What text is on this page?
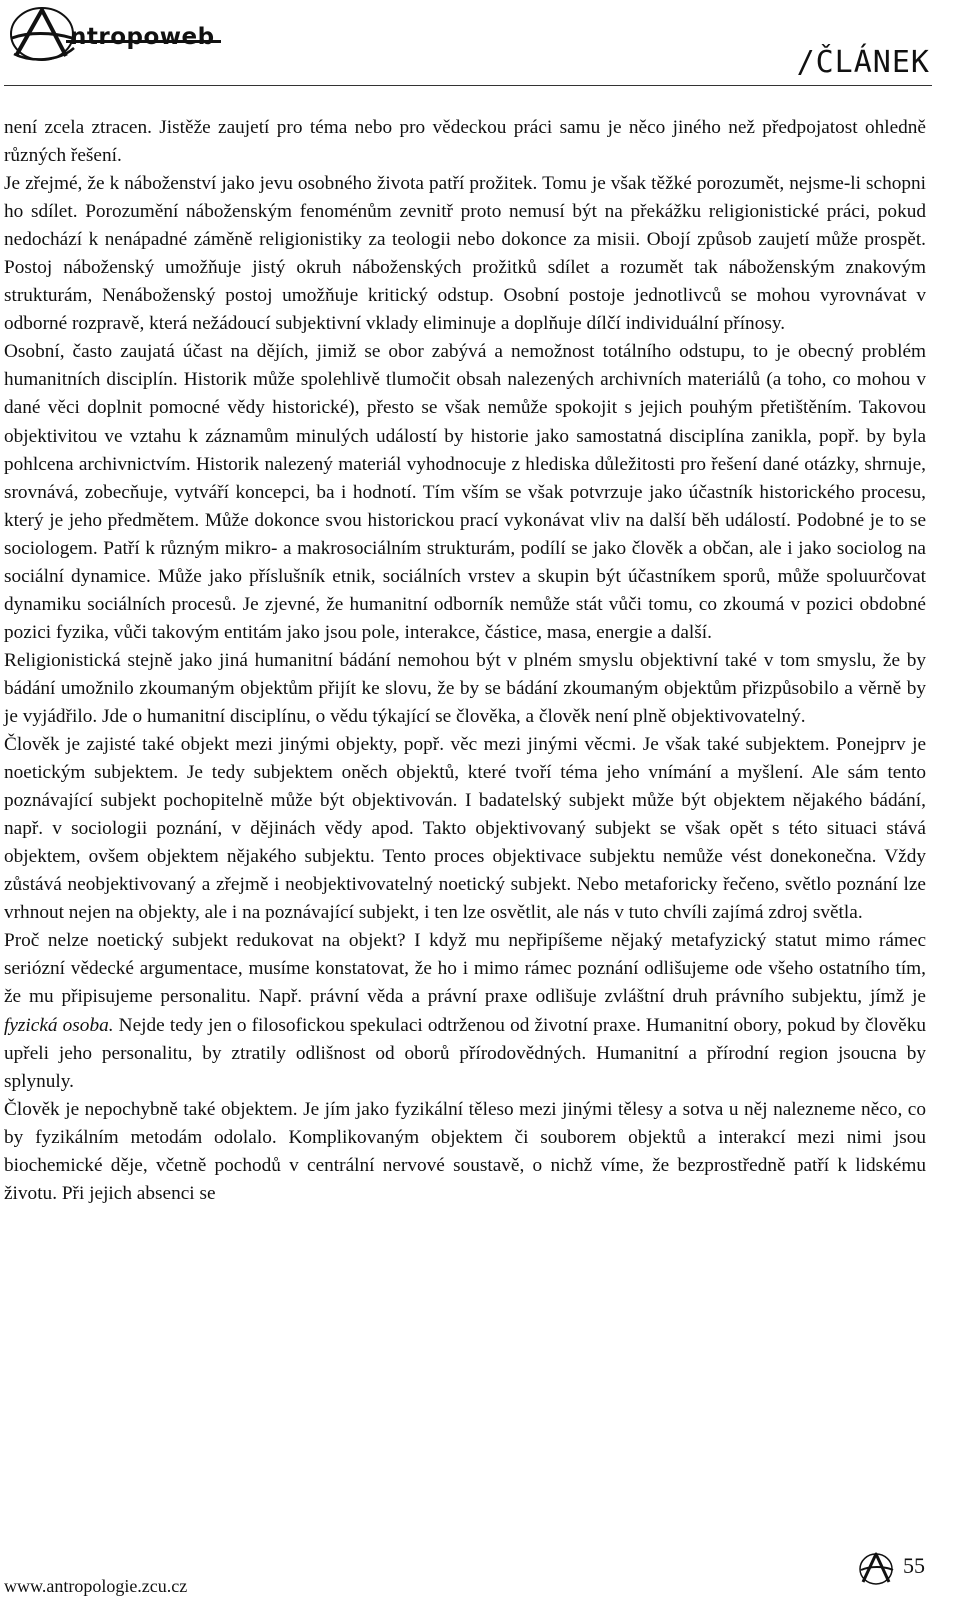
ntropoweb
/ČLÁNEK

není zcela ztracen. Jistěže zaujetí pro téma nebo pro vědeckou práci samu je něco jiného než předpojatost ohledně různých řešení.

Je zřejmé, že k náboženství jako jevu osobného života patří prožitek. Tomu je však těžké porozumět, nejsme-li schopni ho sdílet. Porozumění náboženským fenoménům zevnitř proto nemusí být na překážku religionistické práci, pokud nedochází k nenápadné záměně religionistiky za teologii nebo dokonce za misii. Obojí způsob zaujetí může prospět. Postoj náboženský umožňuje jistý okruh náboženských prožitků sdílet a rozumět tak náboženským znakovým strukturám, Nenáboženský postoj umožňuje kritický odstup. Osobní postoje jednotlivců se mohou vyrovnávat v odborné rozpravě, která nežádoucí subjektivní vklady eliminuje a doplňuje dílčí individuální přínosy.

Osobní, často zaujatá účast na dějích, jimiž se obor zabývá a nemožnost totálního odstupu, to je obecný problém humanitních disciplín. Historik může spolehlivě tlumočit obsah nalezených archivních materiálů (a toho, co mohou v dané věci doplnit pomocné vědy historické), přesto se však nemůže spokojit s jejich pouhým přetištěním. Takovou objektivitou ve vztahu k záznamům minulých událostí by historie jako samostatná disciplína zanikla, popř. by byla pohlcena archivnictvím. Historik nalezený materiál vyhodnocuje z hlediska důležitosti pro řešení dané otázky, shrnuje, srovnává, zobecňuje, vytváří koncepci, ba i hodnotí. Tím vším se však potvrzuje jako účastník historického procesu, který je jeho předmětem. Může dokonce svou historickou prací vykonávat vliv na další běh událostí. Podobné je to se sociologem. Patří k různým mikro- a makrosociálním strukturám, podílí se jako člověk a občan, ale i jako sociolog na sociální dynamice. Může jako příslušník etnik, sociálních vrstev a skupin být účastníkem sporů, může spoluurčovat dynamiku sociálních procesů. Je zjevné, že humanitní odborník nemůže stát vůči tomu, co zkoumá v pozici obdobné pozici fyzika, vůči takovým entitám jako jsou pole, interakce, částice, masa, energie a další.

Religionistická stejně jako jiná humanitní bádání nemohou být v plném smyslu objektivní také v tom smyslu, že by bádání umožnilo zkoumaným objektům přijít ke slovu, že by se bádání zkoumaným objektům přizpůsobilo a věrně by je vyjádřilo. Jde o humanitní disciplínu, o vědu týkající se člověka, a člověk není plně objektivovatelný.

Člověk je zajisté také objekt mezi jinými objekty, popř. věc mezi jinými věcmi. Je však také subjektem. Ponejprv je noetickým subjektem. Je tedy subjektem oněch objektů, které tvoří téma jeho vnímání a myšlení. Ale sám tento poznávající subjekt pochopitelně může být objektivován. I badatelský subjekt může být objektem nějakého bádání, např. v sociologii poznání, v dějinách vědy apod. Takto objektivovaný subjekt se však opět s této situaci stává objektem, ovšem objektem nějakého subjektu. Tento proces objektivace subjektu nemůže vést donekonečna. Vždy zůstává neobjektivovaný a zřejmě i neobjektivovatelný noetický subjekt. Nebo metaforicky řečeno, světlo poznání lze vrhnout nejen na objekty, ale i na poznávající subjekt, i ten lze osvětlit, ale nás v tuto chvíli zajímá zdroj světla.

Proč nelze noetický subjekt redukovat na objekt? I když mu nepřipíšeme nějaký metafyzický statut mimo rámec seriózní vědecké argumentace, musíme konstatovat, že ho i mimo rámec poznání odlišujeme ode všeho ostatního tím, že mu připisujeme personalitu. Např. právní věda a právní praxe odlišuje zvláštní druh právního subjektu, jímž je fyzická osoba. Nejde tedy jen o filosofickou spekulaci odtrženou od životní praxe. Humanitní obory, pokud by člověku upřeli jeho personalitu, by ztratily odlišnost od oborů přírodovědných. Humanitní a přírodní region jsoucna by splynuly.

Člověk je nepochybně také objektem. Je jím jako fyzikální těleso mezi jinými tělesy a sotva u něj nalezneme něco, co by fyzikálním metodám odolalo. Komplikovaným objektem či souborem objektů a interakcí mezi nimi jsou biochemické děje, včetně pochodů v centrální nervové soustavě, o nichž víme, že bezprostředně patří k lidskému životu. Při jejich absenci se

www.antropologie.zcu.cz
55
